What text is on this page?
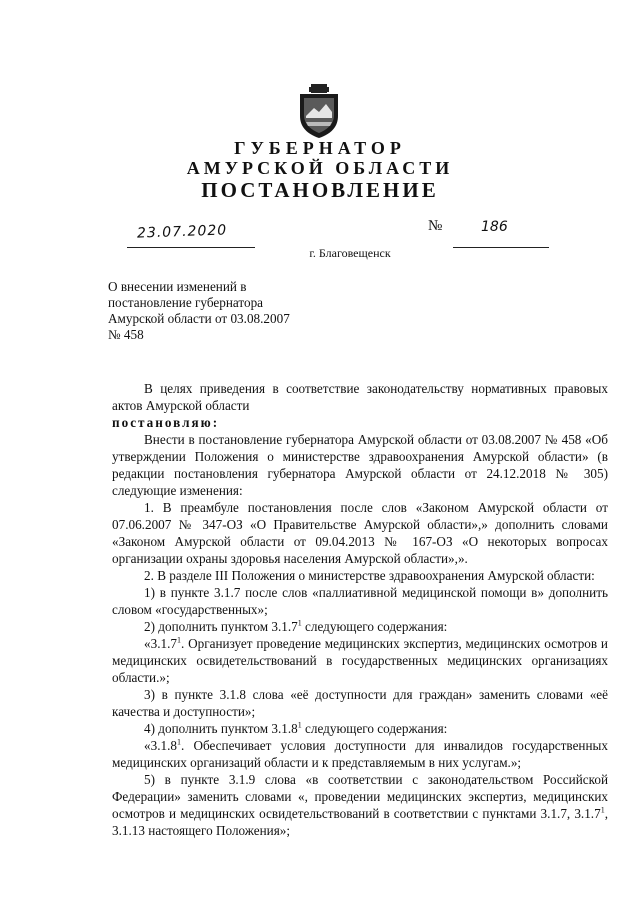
ГУБЕРНАТОР
АМУРСКОЙ ОБЛАСТИ
ПОСТАНОВЛЕНИЕ
23.07.2020	№	186
г. Благовещенск
О внесении изменений в
постановление губернатора
Амурской области от 03.08.2007
№ 458

В целях приведения в соответствие законодательству нормативных правовых актов Амурской области

постановляю:

Внести в постановление губернатора Амурской области от 03.08.2007 № 458 «Об утверждении Положения о министерстве здравоохранения Амурской области» (в редакции постановления губернатора Амурской области от 24.12.2018 № 305) следующие изменения:

1. В преамбуле постановления после слов «Законом Амурской области от 07.06.2007 № 347-ОЗ «О Правительстве Амурской области»,» дополнить словами «Законом Амурской области от 09.04.2013 № 167-ОЗ «О некоторых вопросах организации охраны здоровья населения Амурской области»,».

2. В разделе III Положения о министерстве здравоохранения Амурской области:

1) в пункте 3.1.7 после слов «паллиативной медицинской помощи в» дополнить словом «государственных»;

2) дополнить пунктом 3.1.7$^1$ следующего содержания:

«3.1.7$^1$. Организует проведение медицинских экспертиз, медицинских осмотров и медицинских освидетельствований в государственных медицинских организациях области.»;

3) в пункте 3.1.8 слова «её доступности для граждан» заменить словами «её качества и доступности»;

4) дополнить пунктом 3.1.8$^1$ следующего содержания:

«3.1.8$^1$. Обеспечивает условия доступности для инвалидов государственных медицинских организаций области и к представляемым в них услугам.»;

5) в пункте 3.1.9 слова «в соответствии с законодательством Российской Федерации» заменить словами «, проведении медицинских экспертиз, медицинских осмотров и медицинских освидетельствований в соответствии с пунктами 3.1.7, 3.1.7$^1$, 3.1.13 настоящего Положения»;
